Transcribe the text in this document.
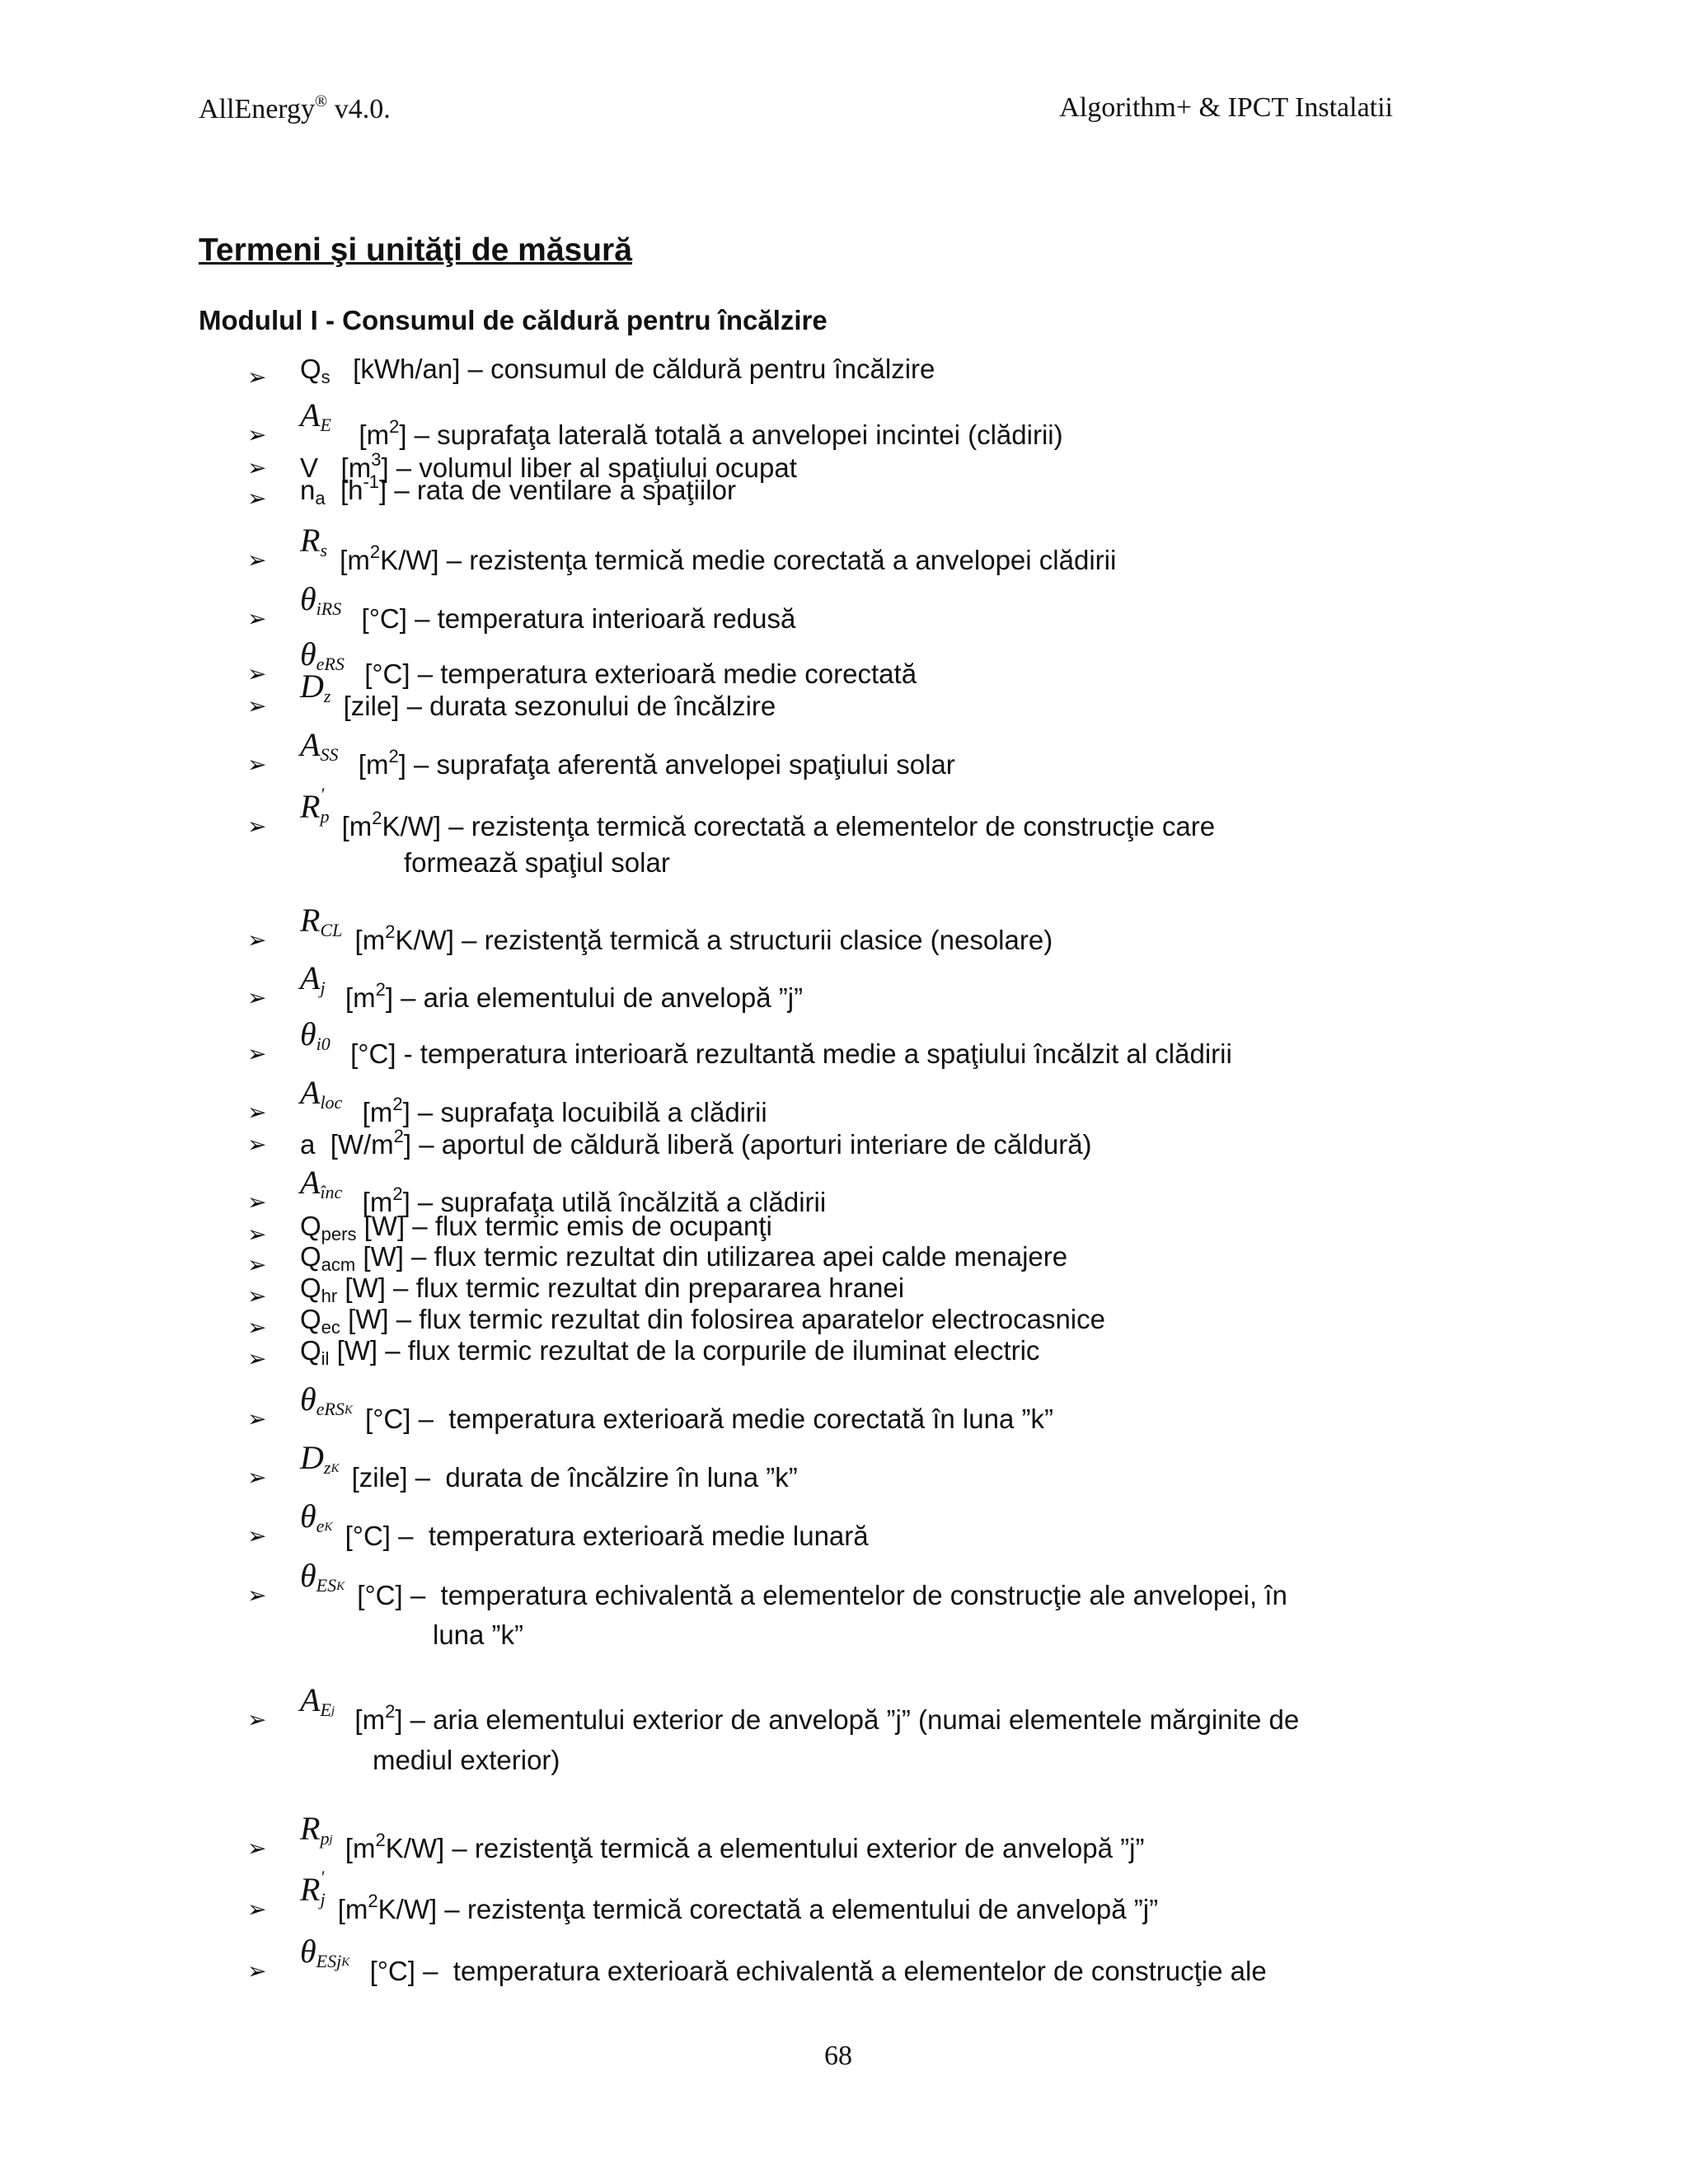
AllEnergy® v4.0.	Algorithm+ & IPCT Instalatii
Termeni şi unităţi de măsură
Modulul I - Consumul de căldură pentru încălzire
➢ $Q_s$   [kWh/an] – consumul de căldură pentru încălzire
➢
AE   $[m^2]$ – suprafaţa laterală totală a anvelopei incintei (clădirii)
➢ V   $[m^3]$ – volumul liber al spaţiului ocupat
➢ $n_a$  $[h^{-1}]$ – rata de ventilare a spaţiilor
➢
Rs $[m^2K/W]$ – rezistenţa termică medie corectată a anvelopei clădirii
➢
θiRS  [°C] – temperatura interioară redusă
➢
θeRS  [°C] – temperatura exterioară medie corectată
➢
Dz [zile] – durata sezonului de încălzire
➢
ASS  $[m^2]$ – suprafaţa aferentă anvelopei spaţiului solar
➢
R '
p $[m^2K/W]$ – rezistenţa termică corectată a elementelor de construcţie care
formează spaţiul solar
➢
RCL $[m^2K/W]$ – rezistenţă termică a structurii clasice (nesolare)
➢
Aj  $[m^2]$ – aria elementului de anvelopă ”j”
➢
θi0  [°C] - temperatura interioară rezultantă medie a spaţiului încălzit al clădirii
➢
Aloc  $[m^2]$ – suprafaţa locuibilă a clădirii
➢ a  $[W/m^2]$ – aportul de căldură liberă (aporturi interiare de căldură)
➢
Aînc  $[m^2]$ – suprafaţa utilă încălzită a clădirii
➢ $Q_{pers}$ [W] – flux termic emis de ocupanţi
➢ $Q_{acm}$ [W] – flux termic rezultat din utilizarea apei calde menajere
➢ $Q_{hr}$ [W] – flux termic rezultat din prepararea hranei
➢ $Q_{ec}$ [W] – flux termic rezultat din folosirea aparatelor electrocasnice
➢ $Q_{il}$ [W] – flux termic rezultat de la corpurile de iluminat electric
➢
θeRSK [°C] –  temperatura exterioară medie corectată în luna ”k”
➢
DzK [zile] –  durata de încălzire în luna ”k”
➢
θeK [°C] –  temperatura exterioară medie lunară
➢
θESK [°C] –  temperatura echivalentă a elementelor de construcţie ale anvelopei, în
luna ”k”
➢
AEj  $[m^2]$ – aria elementului exterior de anvelopă ”j” (numai elementele mărginite de
mediul exterior)
➢
Rpj $[m^2K/W]$ – rezistenţă termică a elementului exterior de anvelopă ”j”
➢
R '
j $[m^2K/W]$ – rezistenţa termică corectată a elementului de anvelopă ”j”
➢
θESjK  [°C] –  temperatura exterioară echivalentă a elementelor de construcţie ale
68
